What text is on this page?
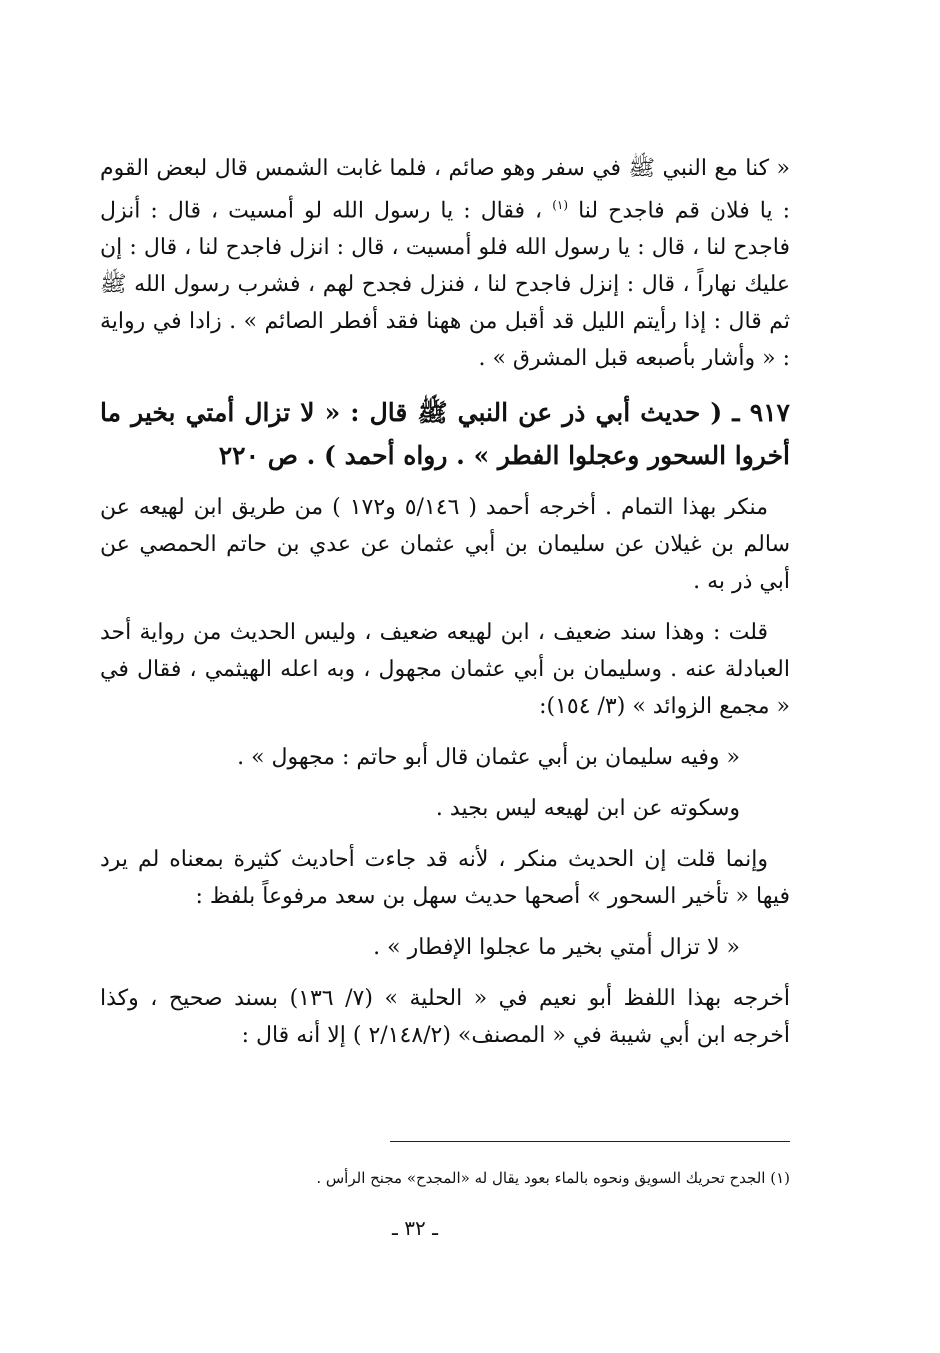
« كنا مع النبي ﷺ في سفر وهو صائم ، فلما غابت الشمس قال لبعض القوم : يا فلان قم فاجدح لنا $^{(١)}$ ، فقال : يا رسول الله لو أمسيت ، قال : أنزل فاجدح لنا ، قال : يا رسول الله فلو أمسيت ، قال : انزل فاجدح لنا ، قال : إن عليك نهاراً ، قال : إنزل فاجدح لنا ، فنزل فجدح لهم ، فشرب رسول الله ﷺ ثم قال : إذا رأيتم الليل قد أقبل من ههنا فقد أفطر الصائم » . زادا في رواية : « وأشار بأصبعه قبل المشرق » .

٩١٧ ـ ( حديث أبي ذر عن النبي ﷺ قال : « لا تزال أمتي بخير ما أخروا السحور وعجلوا الفطر » . رواه أحمد ) . ص ٢٢٠

منكر بهذا التمام . أخرجه أحمد ( ٥/١٤٦ و١٧٢ ) من طريق ابن لهيعه عن سالم بن غيلان عن سليمان بن أبي عثمان عن عدي بن حاتم الحمصي عن أبي ذر به .

قلت : وهذا سند ضعيف ، ابن لهيعه ضعيف ، وليس الحديث من رواية أحد العبادلة عنه . وسليمان بن أبي عثمان مجهول ، وبه اعله الهيثمي ، فقال في « مجمع الزوائد » (٣/ ١٥٤):

« وفيه سليمان بن أبي عثمان قال أبو حاتم : مجهول » .

وسكوته عن ابن لهيعه ليس بجيد .

وإنما قلت إن الحديث منكر ، لأنه قد جاءت أحاديث كثيرة بمعناه لم يرد فيها « تأخير السحور » أصحها حديث سهل بن سعد مرفوعاً بلفظ :

« لا تزال أمتي بخير ما عجلوا الإفطار » .

أخرجه بهذا اللفظ أبو نعيم في « الحلية » (٧/ ١٣٦) بسند صحيح ، وكذا أخرجه ابن أبي شيبة في « المصنف» (٢/١٤٨/٢ ) إلا أنه قال :

(١) الجدح تحريك السويق ونحوه بالماء بعود يقال له «المجدح» مجنح الرأس .
ـ ٣٢ ـ
